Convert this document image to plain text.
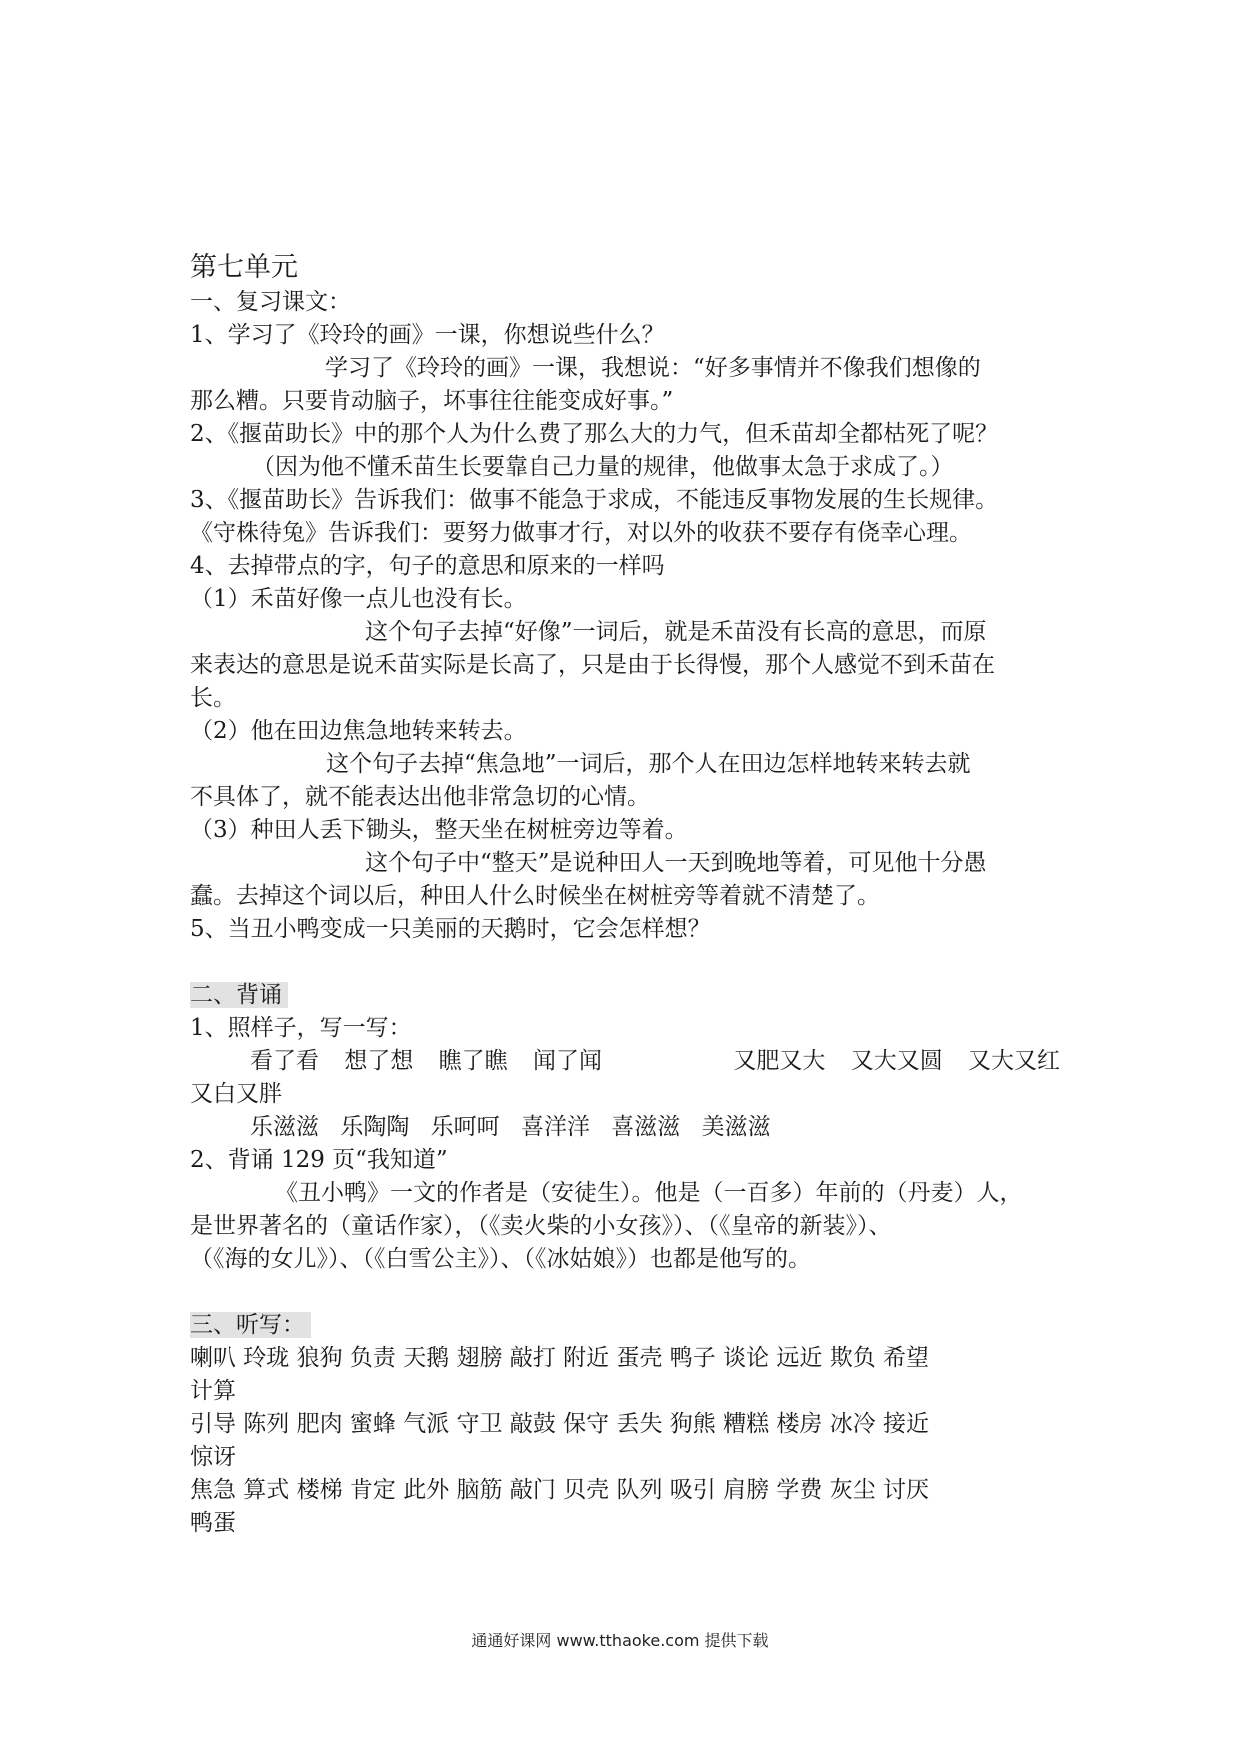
第七单元
一、复习课文：
1、学习了《玲玲的画》一课，你想说些什么？
学习了《玲玲的画》一课，我想说：“好多事情并不像我们想像的
那么糟。只要肯动脑子，坏事往往能变成好事。”
2、《揠苗助长》中的那个人为什么费了那么大的力气，但禾苗却全都枯死了呢？
（因为他不懂禾苗生长要靠自己力量的规律，他做事太急于求成了。）
3、《揠苗助长》告诉我们：做事不能急于求成，不能违反事物发展的生长规律。
《守株待兔》告诉我们：要努力做事才行，对以外的收获不要存有侥幸心理。
4、去掉带点的字，句子的意思和原来的一样吗
（1）禾苗好像一点儿也没有长。
这个句子去掉“好像”一词后，就是禾苗没有长高的意思，而原
来表达的意思是说禾苗实际是长高了，只是由于长得慢，那个人感觉不到禾苗在
长。
（2）他在田边焦急地转来转去。
这个句子去掉“焦急地”一词后，那个人在田边怎样地转来转去就
不具体了，就不能表达出他非常急切的心情。
（3）种田人丢下锄头，整天坐在树桩旁边等着。
这个句子中“整天”是说种田人一天到晚地等着，可见他十分愚
蠢。去掉这个词以后，种田人什么时候坐在树桩旁等着就不清楚了。
5、当丑小鸭变成一只美丽的天鹅时，它会怎样想？
二、背诵
1、照样子，写一写：
看了看 想了想 瞧了瞧 闻了闻	又肥又大 又大又圆 又大又红
又白又胖
乐滋滋 乐陶陶 乐呵呵 喜洋洋 喜滋滋 美滋滋
2、背诵 129 页“我知道”
《丑小鸭》一文的作者是（安徒生）。他是（一百多）年前的（丹麦）人，
是世界著名的（童话作家），（《卖火柴的小女孩》）、（《皇帝的新装》）、
（《海的女儿》）、（《白雪公主》）、（《冰姑娘》）也都是他写的。
三、听写：
喇叭 玲珑 狼狗 负责 天鹅 翅膀 敲打 附近 蛋壳 鸭子 谈论 远近 欺负 希望
计算
引导 陈列 肥肉 蜜蜂 气派 守卫 敲鼓 保守 丢失 狗熊 糟糕 楼房 冰冷 接近
惊讶
焦急 算式 楼梯 肯定 此外 脑筋 敲门 贝壳 队列 吸引 肩膀 学费 灰尘 讨厌
鸭蛋
通通好课网 www.tthaoke.com 提供下载
